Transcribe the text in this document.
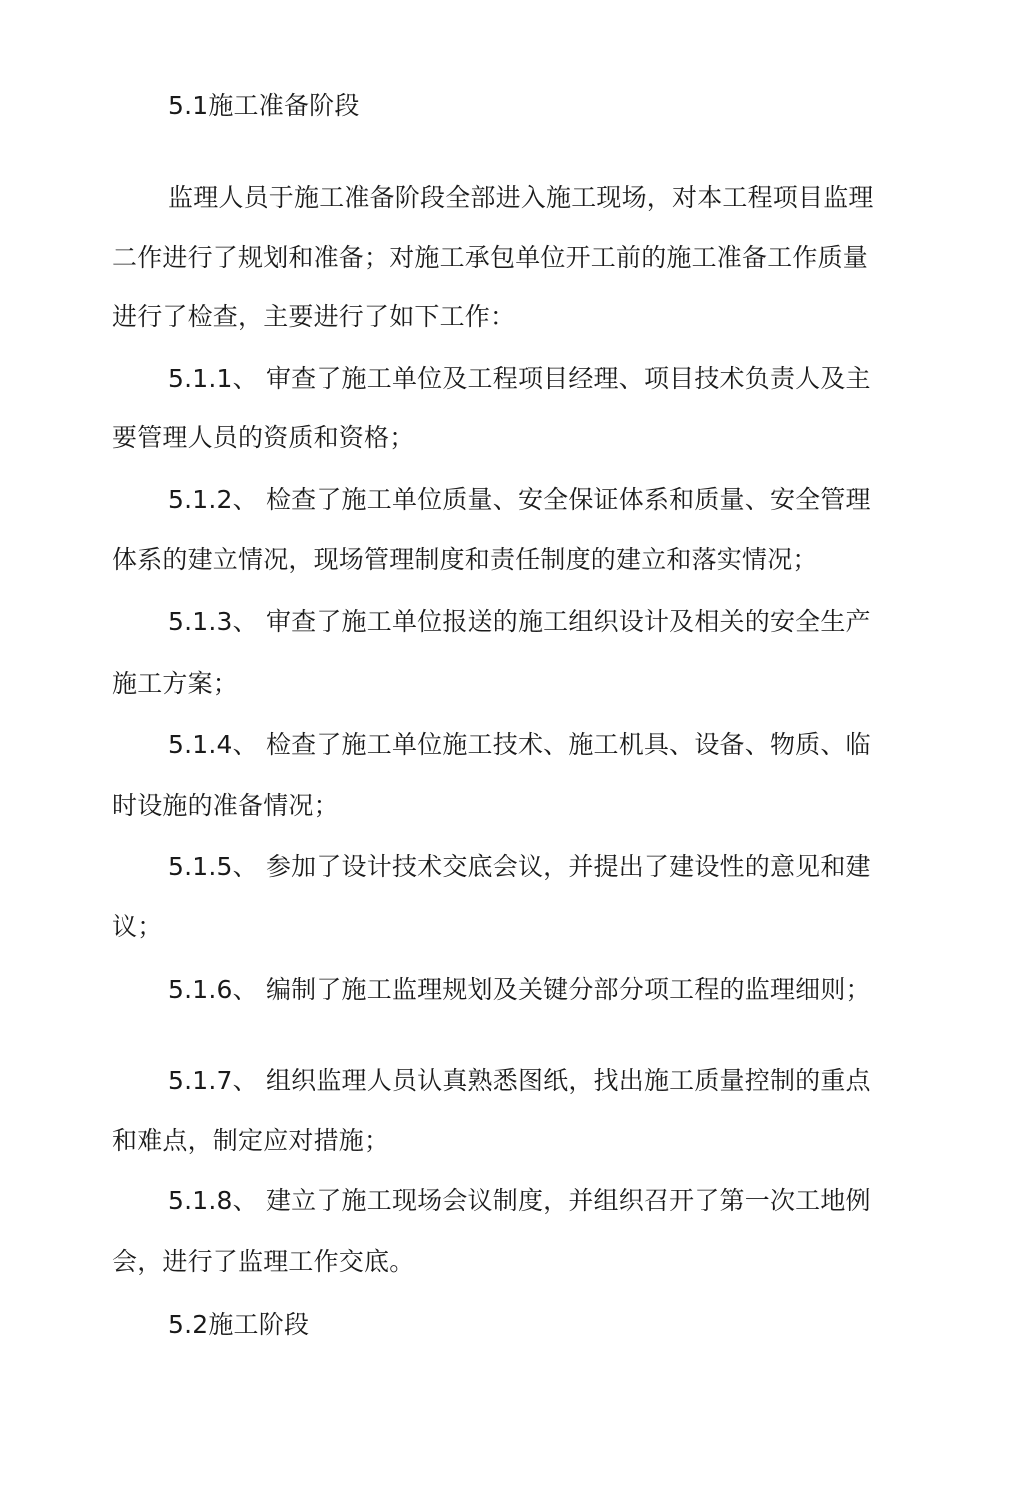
5.1施工准备阶段
监理人员于施工准备阶段全部进入施工现场，对本工程项目监理
二作进行了规划和准备；对施工承包单位开工前的施工准备工作质量
进行了检查，主要进行了如下工作：
5.1.1、 审查了施工单位及工程项目经理、项目技术负责人及主
要管理人员的资质和资格；
5.1.2、 检查了施工单位质量、安全保证体系和质量、安全管理
体系的建立情况，现场管理制度和责任制度的建立和落实情况；
5.1.3、 审查了施工单位报送的施工组织设计及相关的安全生产
施工方案；
5.1.4、 检查了施工单位施工技术、施工机具、设备、物质、临
时设施的准备情况；
5.1.5、 参加了设计技术交底会议，并提出了建设性的意见和建
议；
5.1.6、 编制了施工监理规划及关键分部分项工程的监理细则；
5.1.7、 组织监理人员认真熟悉图纸，找出施工质量控制的重点
和难点，制定应对措施；
5.1.8、 建立了施工现场会议制度，并组织召开了第一次工地例
会，进行了监理工作交底。
5.2施工阶段
